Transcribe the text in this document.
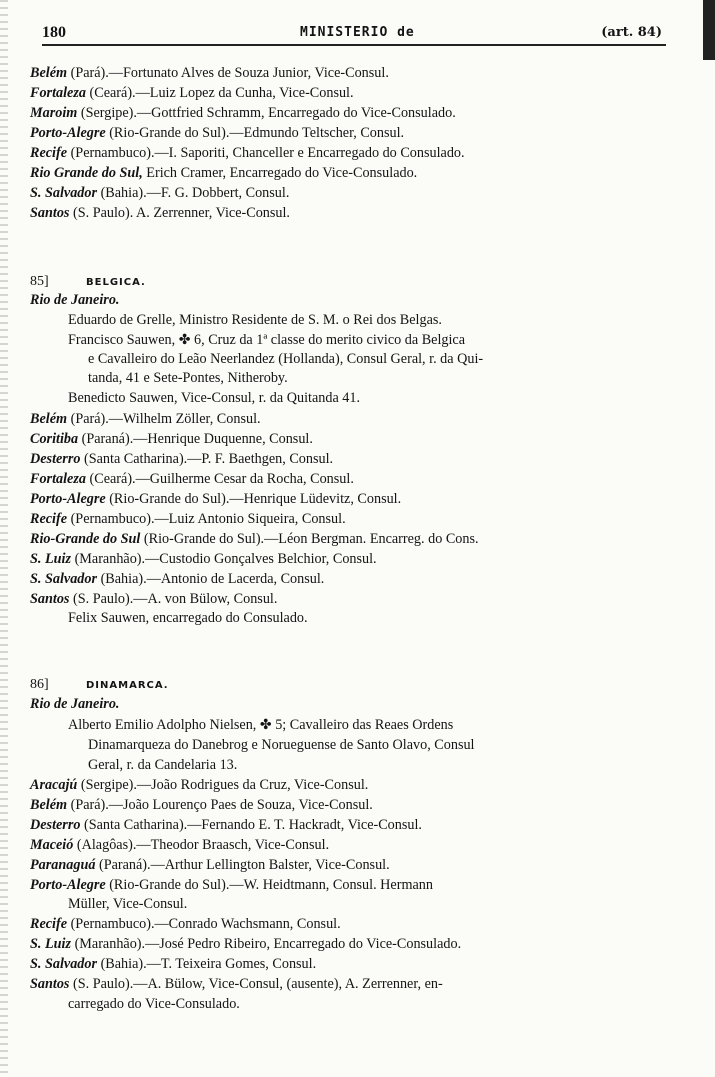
180	MINISTERIO de	(art. 84)
Belém (Pará).—Fortunato Alves de Souza Junior, Vice-Consul.
Fortaleza (Ceará).—Luiz Lopez da Cunha, Vice-Consul.
Maroim (Sergipe).—Gottfried Schramm, Encarregado do Vice-Consulado.
Porto-Alegre (Rio-Grande do Sul).—Edmundo Teltscher, Consul.
Recife (Pernambuco).—I. Saporiti, Chanceller e Encarregado do Consulado.
Rio Grande do Sul, Erich Cramer, Encarregado do Vice-Consulado.
S. Salvador (Bahia).—F. G. Dobbert, Consul.
Santos (S. Paulo). A. Zerrenner, Vice-Consul.
85]	BELGICA.
Rio de Janeiro.
Eduardo de Grelle, Ministro Residente de S. M. o Rei dos Belgas.
Francisco Sauwen, ✤ 6, Cruz da 1ª classe do merito civico da Belgica
e Cavalleiro do Leão Neerlandez (Hollanda), Consul Geral, r. da Qui-
tanda, 41 e Sete-Pontes, Nitheroby.
Benedicto Sauwen, Vice-Consul, r. da Quitanda 41.
Belém (Pará).—Wilhelm Zöller, Consul.
Coritiba (Paraná).—Henrique Duquenne, Consul.
Desterro (Santa Catharina).—P. F. Baethgen, Consul.
Fortaleza (Ceará).—Guilherme Cesar da Rocha, Consul.
Porto-Alegre (Rio-Grande do Sul).—Henrique Lüdevitz, Consul.
Recife (Pernambuco).—Luiz Antonio Siqueira, Consul.
Rio-Grande do Sul (Rio-Grande do Sul).—Léon Bergman. Encarreg. do Cons.
S. Luiz (Maranhão).—Custodio Gonçalves Belchior, Consul.
S. Salvador (Bahia).—Antonio de Lacerda, Consul.
Santos (S. Paulo).—A. von Bülow, Consul.
Felix Sauwen, encarregado do Consulado.
86]	DINAMARCA.
Rio de Janeiro.
Alberto Emilio Adolpho Nielsen, ✤ 5; Cavalleiro das Reaes Ordens
Dinamarqueza do Danebrog e Norueguense de Santo Olavo, Consul
Geral, r. da Candelaria 13.
Aracajú (Sergipe).—João Rodrigues da Cruz, Vice-Consul.
Belém (Pará).—João Lourenço Paes de Souza, Vice-Consul.
Desterro (Santa Catharina).—Fernando E. T. Hackradt, Vice-Consul.
Maceió (Alagôas).—Theodor Braasch, Vice-Consul.
Paranaguá (Paraná).—Arthur Lellington Balster, Vice-Consul.
Porto-Alegre (Rio-Grande do Sul).—W. Heidtmann, Consul. Hermann
Müller, Vice-Consul.
Recife (Pernambuco).—Conrado Wachsmann, Consul.
S. Luiz (Maranhão).—José Pedro Ribeiro, Encarregado do Vice-Consulado.
S. Salvador (Bahia).—T. Teixeira Gomes, Consul.
Santos (S. Paulo).—A. Bülow, Vice-Consul, (ausente), A. Zerrenner, en-
carregado do Vice-Consulado.
